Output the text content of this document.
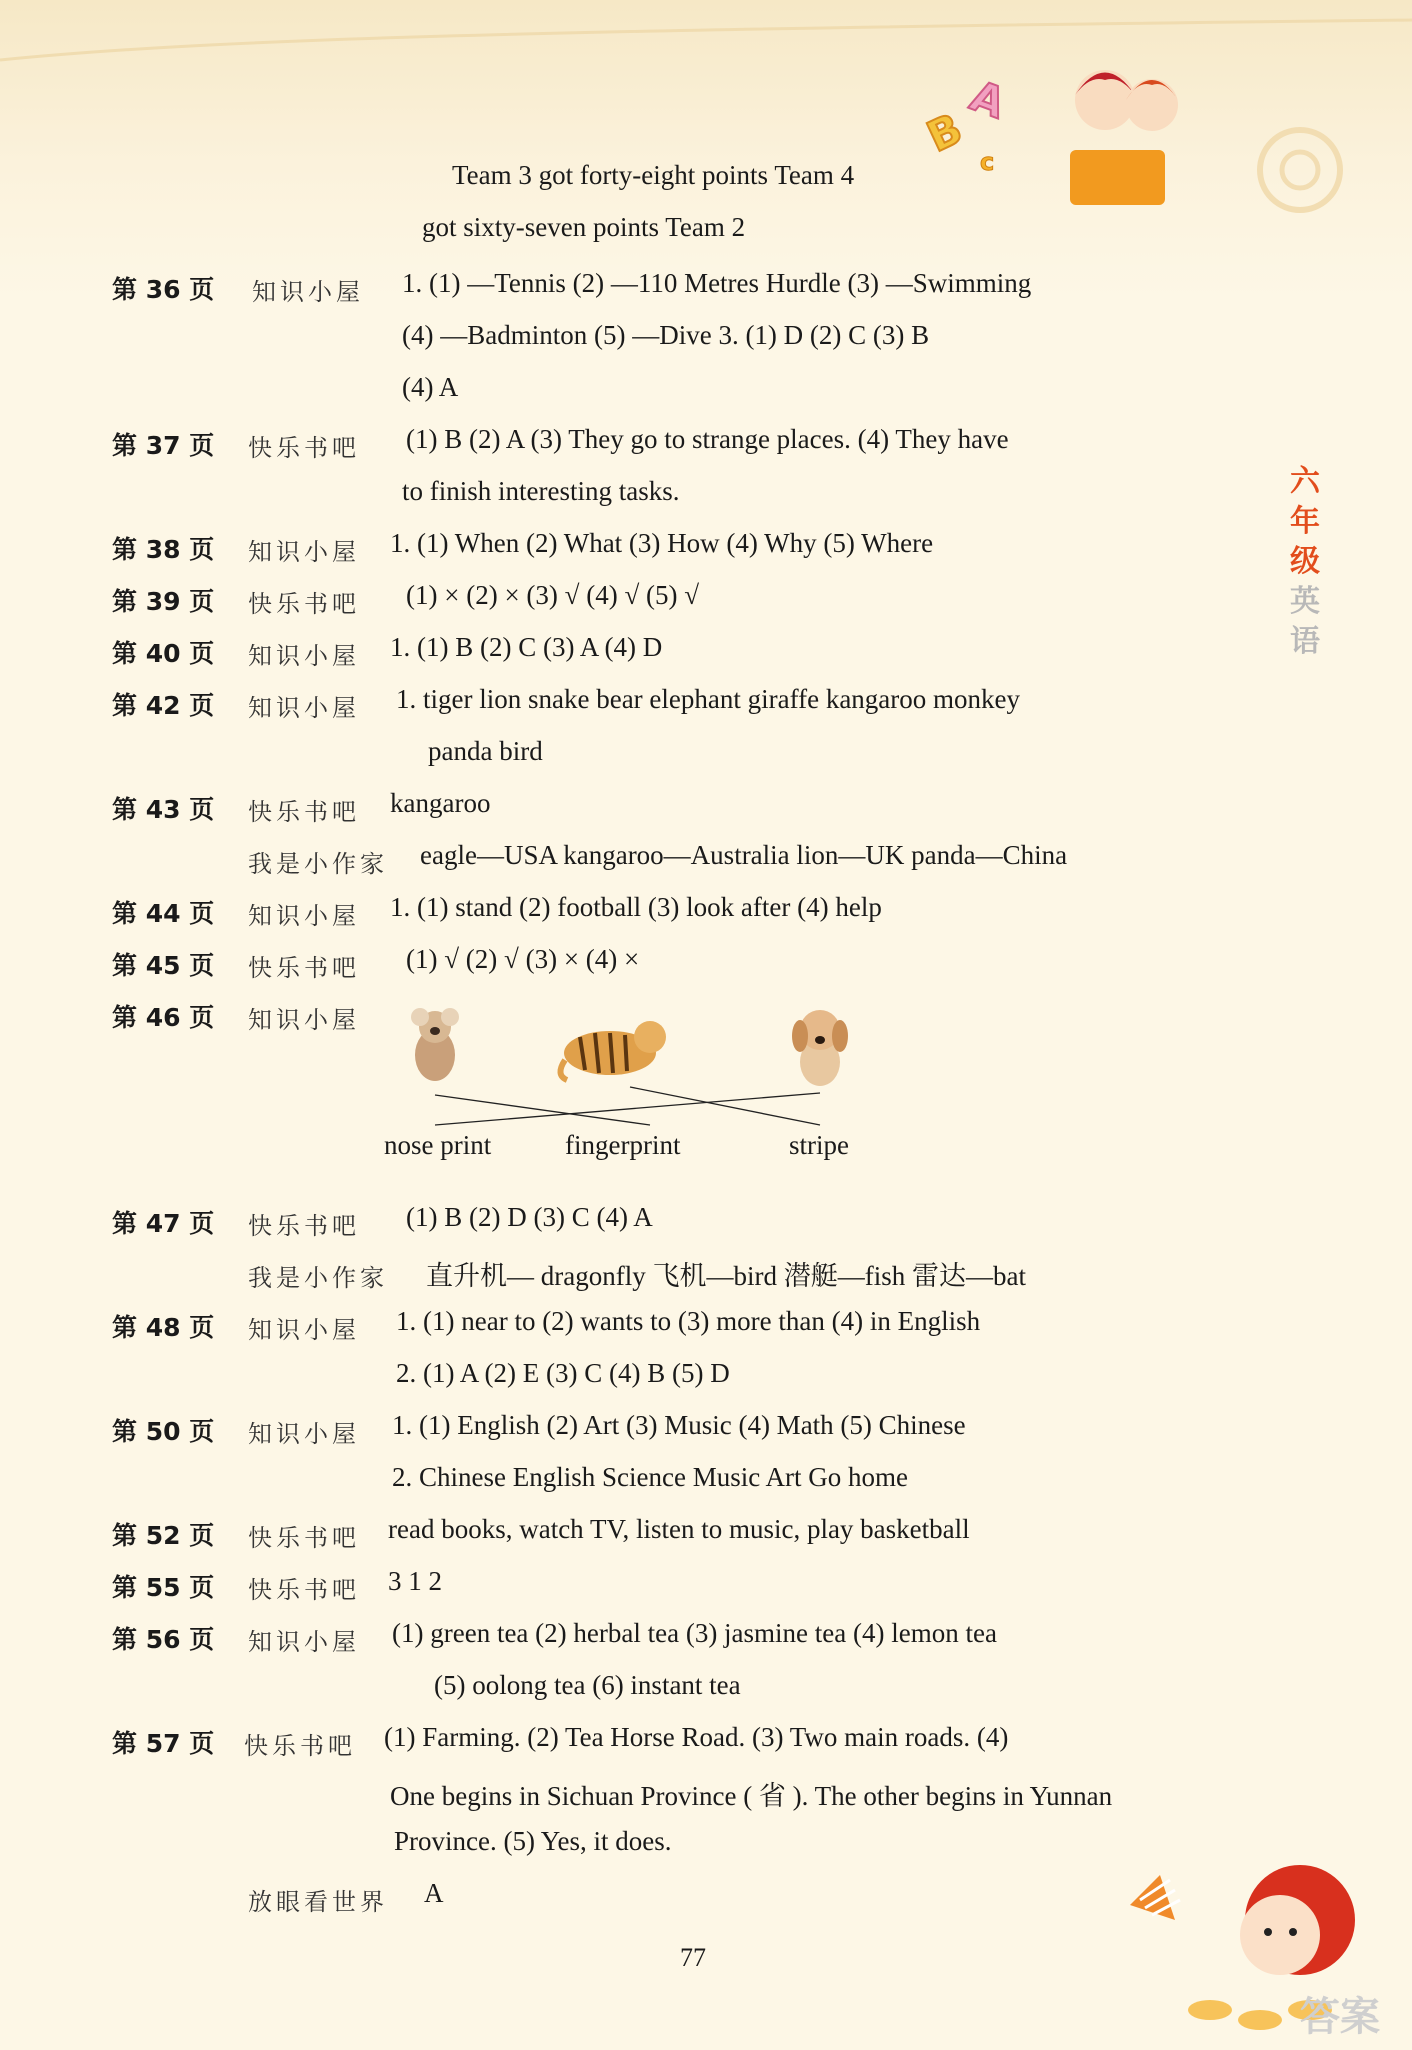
B
A
c
六
年
级
英
语
Team 3 got forty-eight points Team 4
got sixty-seven points Team 2
第 36 页 知识小屋 1. (1) —Tennis (2) —110 Metres Hurdle (3) —Swimming
(4) —Badminton (5) —Dive 3. (1) D (2) C (3) B
(4) A
第 37 页 快乐书吧 (1) B (2) A (3) They go to strange places. (4) They have
to finish interesting tasks.
第 38 页 知识小屋 1. (1) When (2) What (3) How (4) Why (5) Where
第 39 页 快乐书吧 (1) × (2) × (3) √ (4) √ (5) √
第 40 页 知识小屋 1. (1) B (2) C (3) A (4) D
第 42 页 知识小屋 1. tiger lion snake bear elephant giraffe kangaroo monkey
panda bird
第 43 页 快乐书吧 kangaroo
我是小作家 eagle—USA kangaroo—Australia lion—UK panda—China
第 44 页 知识小屋 1. (1) stand (2) football (3) look after (4) help
第 45 页 快乐书吧 (1) √ (2) √ (3) × (4) ×
第 46 页 知识小屋
nose print	fingerprint	stripe
第 47 页 快乐书吧 (1) B (2) D (3) C (4) A
我是小作家 直升机— dragonfly 飞机—bird 潜艇—fish 雷达—bat
第 48 页 知识小屋 1. (1) near to (2) wants to (3) more than (4) in English
2. (1) A (2) E (3) C (4) B (5) D
第 50 页 知识小屋 1. (1) English (2) Art (3) Music (4) Math (5) Chinese
2. Chinese English Science Music Art Go home
第 52 页 快乐书吧 read books, watch TV, listen to music, play basketball
第 55 页 快乐书吧 3 1 2
第 56 页 知识小屋 (1) green tea (2) herbal tea (3) jasmine tea (4) lemon tea
(5) oolong tea (6) instant tea
第 57 页 快乐书吧 (1) Farming. (2) Tea Horse Road. (3) Two main roads. (4)
One begins in Sichuan Province ( 省 ). The other begins in Yunnan
Province. (5) Yes, it does.
放眼看世界 A
答案
77
